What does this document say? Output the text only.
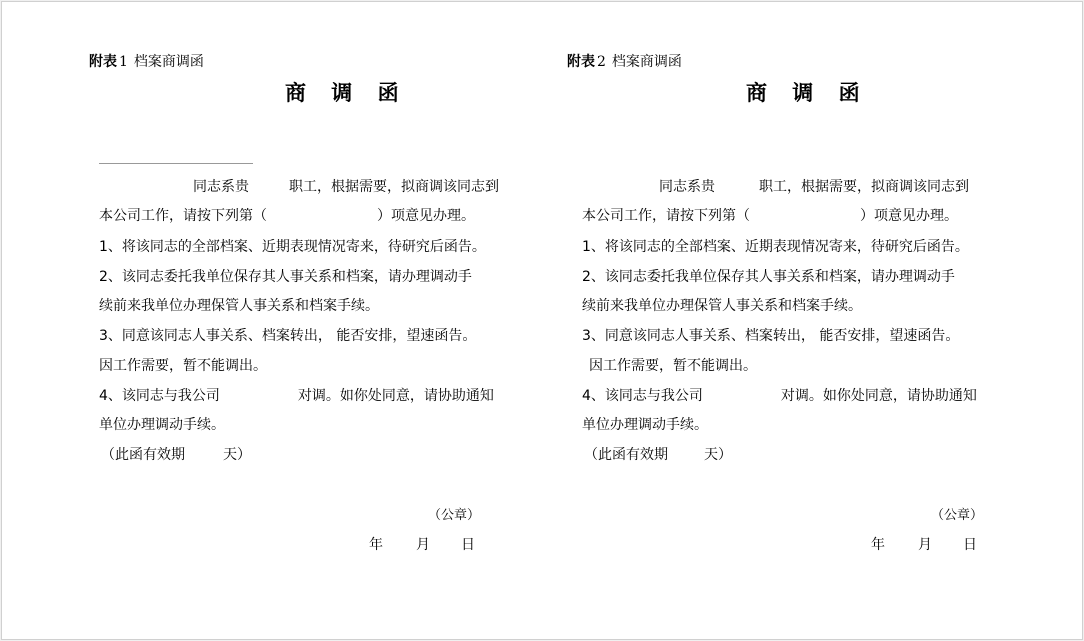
附表 1 档案商调函
商 调 函
同志系贵	职工，根据需要，拟商调该同志到
本公司工作，请按下列第（	）项意见办理。
1、将该同志的全部档案、近期表现情况寄来，待研究后函告。
2、该同志委托我单位保存其人事关系和档案，请办理调动手
续前来我单位办理保管人事关系和档案手续。
3、同意该同志人事关系、档案转出， 能否安排，望速函告。
因工作需要，暂不能调出。
4、该同志与我公司	对调。如你处同意，请协助通知
单位办理调动手续。
（此函有效期	天）
（公章）
年 月 日
附表 2 档案商调函
商 调 函
同志系贵	职工，根据需要，拟商调该同志到
本公司工作，请按下列第（	）项意见办理。
1、将该同志的全部档案、近期表现情况寄来，待研究后函告。
2、该同志委托我单位保存其人事关系和档案，请办理调动手
续前来我单位办理保管人事关系和档案手续。
3、同意该同志人事关系、档案转出， 能否安排，望速函告。
因工作需要，暂不能调出。
4、该同志与我公司	对调。如你处同意，请协助通知
单位办理调动手续。
（此函有效期	天）
（公章）
年 月 日
